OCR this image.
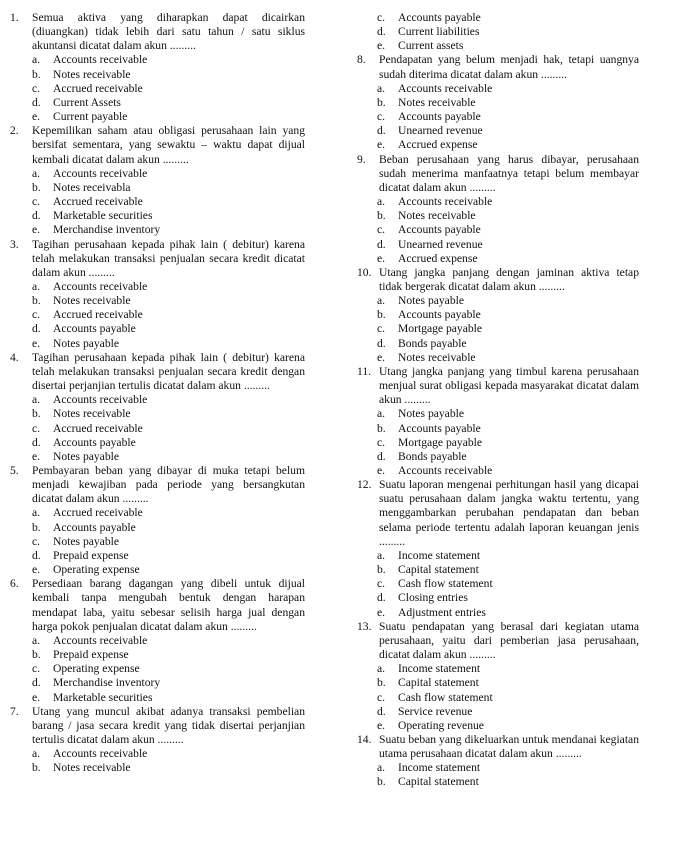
1. Semua aktiva yang diharapkan dapat dicairkan (diuangkan) tidak lebih dari satu tahun / satu siklus akuntansi dicatat dalam akun .........
a. Accounts receivable
b. Notes receivable
c. Accrued receivable
d. Current Assets
e. Current payable
2. Kepemilikan saham atau obligasi perusahaan lain yang bersifat sementara, yang sewaktu – waktu dapat dijual kembali dicatat dalam akun .........
a. Accounts receivable
b. Notes receivabla
c. Accrued receivable
d. Marketable securities
e. Merchandise inventory
3. Tagihan perusahaan kepada pihak lain ( debitur) karena telah melakukan transaksi penjualan secara kredit dicatat dalam akun .........
a. Accounts receivable
b. Notes receivable
c. Accrued receivable
d. Accounts payable
e. Notes payable
4. Tagihan perusahaan kepada pihak lain ( debitur) karena telah melakukan transaksi penjualan secara kredit dengan disertai perjanjian tertulis dicatat dalam akun .........
a. Accounts receivable
b. Notes receivable
c. Accrued receivable
d. Accounts payable
e. Notes payable
5. Pembayaran beban yang dibayar di muka tetapi belum menjadi kewajiban pada periode yang bersangkutan dicatat dalam akun .........
a. Accrued receivable
b. Accounts payable
c. Notes payable
d. Prepaid expense
e. Operating expense
6. Persediaan barang dagangan yang dibeli untuk dijual kembali tanpa mengubah bentuk dengan harapan mendapat laba, yaitu sebesar selisih harga jual dengan harga pokok penjualan dicatat dalam akun .........
a. Accounts receivable
b. Prepaid expense
c. Operating expense
d. Merchandise inventory
e. Marketable securities
7. Utang yang muncul akibat adanya transaksi pembelian barang / jasa secara kredit yang tidak disertai perjanjian tertulis dicatat dalam akun .........
a. Accounts receivable
b. Notes receivable
c. Accounts payable
d. Current liabilities
e. Current assets
8. Pendapatan yang belum menjadi hak, tetapi uangnya sudah diterima dicatat dalam akun .........
a. Accounts receivable
b. Notes receivable
c. Accounts payable
d. Unearned revenue
e. Accrued expense
9. Beban perusahaan yang harus dibayar, perusahaan sudah menerima manfaatnya tetapi belum membayar dicatat dalam akun .........
a. Accounts receivable
b. Notes receivable
c. Accounts payable
d. Unearned revenue
e. Accrued expense
10. Utang jangka panjang dengan jaminan aktiva tetap tidak bergerak dicatat dalam akun .........
a. Notes payable
b. Accounts payable
c. Mortgage payable
d. Bonds payable
e. Notes receivable
11. Utang jangka panjang yang timbul karena perusahaan menjual surat obligasi kepada masyarakat dicatat dalam akun .........
a. Notes payable
b. Accounts payable
c. Mortgage payable
d. Bonds payable
e. Accounts receivable
12. Suatu laporan mengenai perhitungan hasil yang dicapai suatu perusahaan dalam jangka waktu tertentu, yang menggambarkan perubahan pendapatan dan beban selama periode tertentu adalah laporan keuangan jenis .........
a. Income statement
b. Capital statement
c. Cash flow statement
d. Closing entries
e. Adjustment entries
13. Suatu pendapatan yang berasal dari kegiatan utama perusahaan, yaitu dari pemberian jasa perusahaan, dicatat dalam akun .........
a. Income statement
b. Capital statement
c. Cash flow statement
d. Service revenue
e. Operating revenue
14. Suatu beban yang dikeluarkan untuk mendanai kegiatan utama perusahaan dicatat dalam akun .........
a. Income statement
b. Capital statement
